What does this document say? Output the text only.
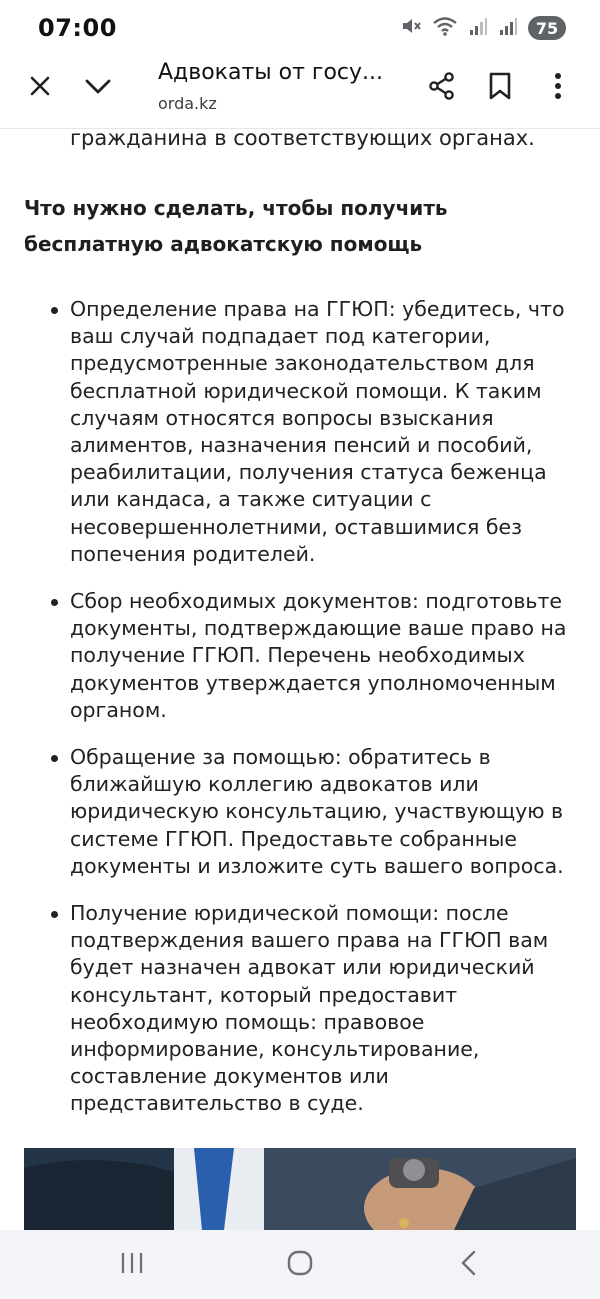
07:00	75
Адвокаты от госу...
orda.kz
гражданина в соответствующих органах.
Что нужно сделать, чтобы получить бесплатную адвокатскую помощь
Определение права на ГГЮП: убедитесь, что ваш случай подпадает под категории, предусмотренные законодательством для бесплатной юридической помощи. К таким случаям относятся вопросы взыскания алиментов, назначения пенсий и пособий, реабилитации, получения статуса беженца или кандаса, а также ситуации с несовершеннолетними, оставшимися без попечения родителей.
Сбор необходимых документов: подготовьте документы, подтверждающие ваше право на получение ГГЮП. Перечень необходимых документов утверждается уполномоченным органом.
Обращение за помощью: обратитесь в ближайшую коллегию адвокатов или юридическую консультацию, участвующую в системе ГГЮП. Предоставьте собранные документы и изложите суть вашего вопроса.
Получение юридической помощи: после подтверждения вашего права на ГГЮП вам будет назначен адвокат или юридический консультант, который предоставит необходимую помощь: правовое информирование, консультирование, составление документов или представительство в суде.
